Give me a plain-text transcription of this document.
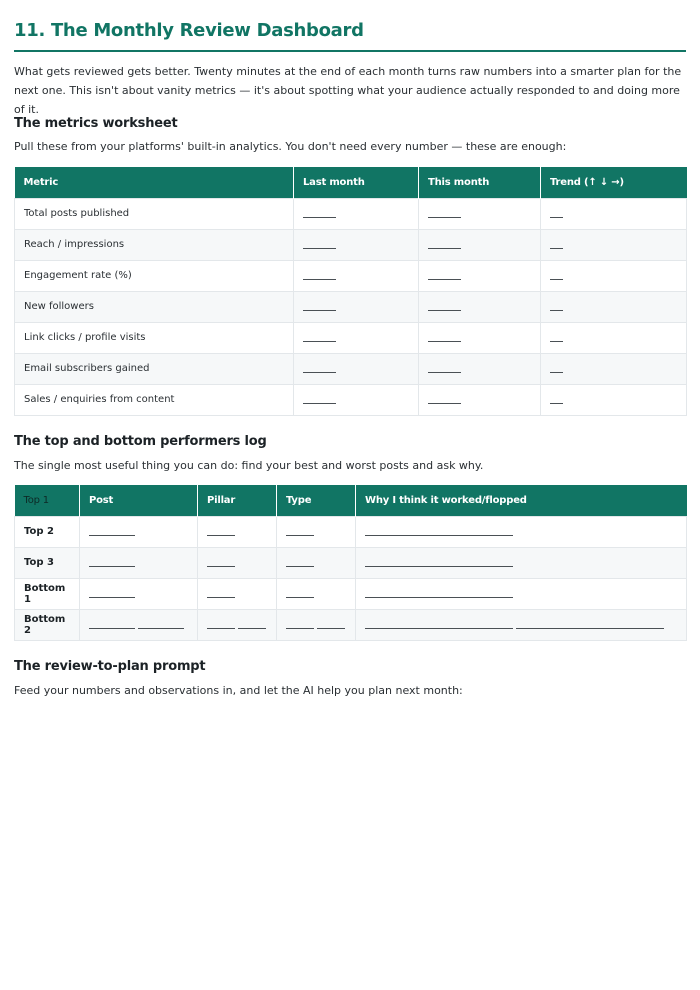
11. The Monthly Review Dashboard

What gets reviewed gets better. Twenty minutes at the end of each month turns raw numbers into a smarter plan for the next one. This isn't about vanity metrics — it's about spotting what your audience actually responded to and doing more of it.

The metrics worksheet

Pull these from your platforms' built-in analytics. You don't need every number — these are enough:

Metric	Last month	This month	Trend (↑ ↓ →)
Total posts published			
Reach / impressions			
Engagement rate (%)			
New followers			
Link clicks / profile visits			
Email subscribers gained			
Sales / enquiries from content			
The top and bottom performers log

The single most useful thing you can do: find your best and worst posts and ask why.

Top 1	Post	Pillar	Type	Why I think it worked/flopped
Top 2				
Top 3				
Bottom 1				
Bottom 2				
The review-to-plan prompt

Feed your numbers and observations in, and let the AI help you plan next month:
